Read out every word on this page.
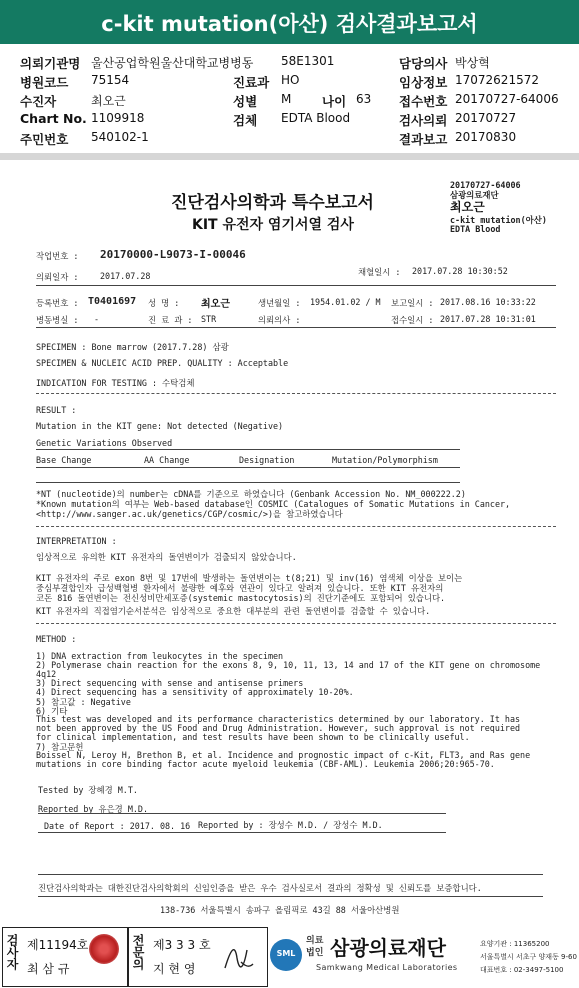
c-kit mutation(아산) 검사결과보고서
의뢰기관명 울산공업학원울산대학교병병동 58E1301	담당의사 박상혁
병원코드 75154	진료과 HO	임상정보 17072621572
수진자	최오근	성별 M 나이 63 접수번호 20170727-64006
Chart No. 1109918	검체 EDTA Blood	검사의뢰 20170727
주민번호 540102-1	결과보고 20170830
진단검사의학과 특수보고서
KIT 유전자 염기서열 검사
20170727-64006
삼광의료재단
최오근
c-kit mutation(아산)
EDTA Blood
작업번호 : 20170000-L9073-I-00046
의뢰일자 :	2017.07.28	채혈일시 : 2017.07.28 10:30:52
등록번호 : T0401697 성 명 : 최오근	생년월일 : 1954.01.02 / M 보고일시 : 2017.08.16 10:33:22
병동병실 : -	진 료 과 : STR	의뢰의사 :	접수일시 : 2017.07.28 10:31:01
SPECIMEN : Bone marrow (2017.7.28) 삼광
SPECIMEN & NUCLEIC ACID PREP. QUALITY : Acceptable
INDICATION FOR TESTING : 수탁검체
RESULT :
Mutation in the KIT gene: Not detected (Negative)
Genetic Variations Observed
Base Change	AA Change	Designation	Mutation/Polymorphism
*NT (nucleotide)의 number는 cDNA를 기준으로 하였습니다 (Genbank Accession No. NM_000222.2)
*Known mutation의 여부는 Web-based database인 COSMIC (Catalogues of Somatic Mutations in Cancer,
<http://www.sanger.ac.uk/genetics/CGP/cosmic/>)을 참고하였습니다
INTERPRETATION :
임상적으로 유의한 KIT 유전자의 돌연변이가 검출되지 않았습니다.
KIT 유전자의 주로 exon 8번 및 17번에 발생하는 돌연변이는 t(8;21) 및 inv(16) 염색체 이상을 보이는
중심부결합인자 급성백혈병 환자에서 불량한 예후와 연관이 있다고 알려져 있습니다. 또한 KIT 유전자의
코돈 816 돌연변이는 전신성비만세포증(systemic mastocytosis)의 진단기준에도 포함되어 있습니다.
KIT 유전자의 직접염기순서분석은 임상적으로 중요한 대부분의 관련 돌연변이를 검출할 수 있습니다.
METHOD :
1) DNA extraction from leukocytes in the specimen
2) Polymerase chain reaction for the exons 8, 9, 10, 11, 13, 14 and 17 of the KIT gene on chromosome
4q12
3) Direct sequencing with sense and antisense primers
4) Direct sequencing has a sensitivity of approximately 10-20%.
5) 참고값 : Negative
6) 기타
This test was developed and its performance characteristics determined by our laboratory. It has
not been approved by the US Food and Drug Administration. However, such approval is not required
for clinical implementation, and test results have been shown to be clinically useful.
7) 참고문헌
Boissel N, Leroy H, Brethon B, et al. Incidence and prognostic impact of c-Kit, FLT3, and Ras gene
mutations in core binding factor acute myeloid leukemia (CBF-AML). Leukemia 2006;20:965-70.
Tested by 장혜경 M.T.
Reported by 유은경 M.D.
Date of Report : 2017. 08. 16 Reported by : 장성수 M.D. / 장성수 M.D.
진단검사의학과는 대한진단검사의학회의 신임인증을 받은 우수 검사실로서 결과의 정확성 및 신뢰도를 보증합니다.
138-736 서울특별시 송파구 올림픽로 43길 88 서울아산병원
검사자 제11194호
최 삼 규	전문의 제3 3 3 호
지 현 영
SML
의료
법인 삼광의료재단
Samkwang Medical Laboratories
요양기관 : 11365200
서울특별시 서초구 양재동 9-60
대표번호 : 02-3497-5100
